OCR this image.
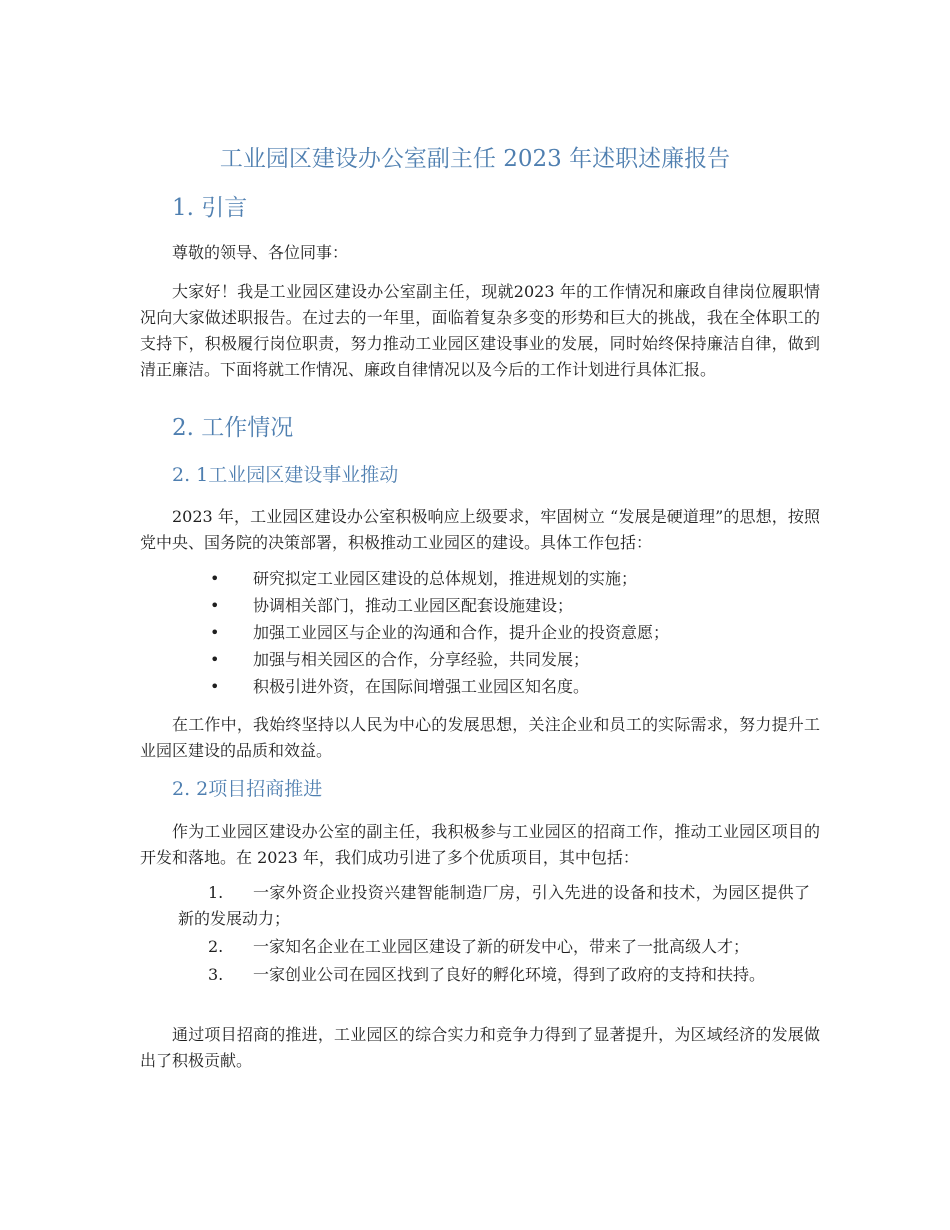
工业园区建设办公室副主任 2023 年述职述廉报告
1. 引言
尊敬的领导、各位同事：
大家好！我是工业园区建设办公室副主任，现就2023 年的工作情况和廉政自律岗位履职情况向大家做述职报告。在过去的一年里，面临着复杂多变的形势和巨大的挑战，我在全体职工的支持下，积极履行岗位职责，努力推动工业园区建设事业的发展，同时始终保持廉洁自律，做到清正廉洁。下面将就工作情况、廉政自律情况以及今后的工作计划进行具体汇报。
2. 工作情况
2. 1工业园区建设事业推动
2023 年，工业园区建设办公室积极响应上级要求，牢固树立 “发展是硬道理”的思想，按照党中央、国务院的决策部署，积极推动工业园区的建设。具体工作包括：
• 研究拟定工业园区建设的总体规划，推进规划的实施；
• 协调相关部门，推动工业园区配套设施建设；
• 加强工业园区与企业的沟通和合作，提升企业的投资意愿；
• 加强与相关园区的合作，分享经验，共同发展；
• 积极引进外资，在国际间增强工业园区知名度。
在工作中，我始终坚持以人民为中心的发展思想，关注企业和员工的实际需求，努力提升工业园区建设的品质和效益。
2. 2项目招商推进
作为工业园区建设办公室的副主任，我积极参与工业园区的招商工作，推动工业园区项目的开发和落地。在 2023 年，我们成功引进了多个优质项目，其中包括：
1.	一家外资企业投资兴建智能制造厂房，引入先进的设备和技术，为园区提供了新的发展动力；
2.	一家知名企业在工业园区建设了新的研发中心，带来了一批高级人才；
3.	一家创业公司在园区找到了良好的孵化环境，得到了政府的支持和扶持。
通过项目招商的推进，工业园区的综合实力和竞争力得到了显著提升，为区域经济的发展做出了积极贡献。
